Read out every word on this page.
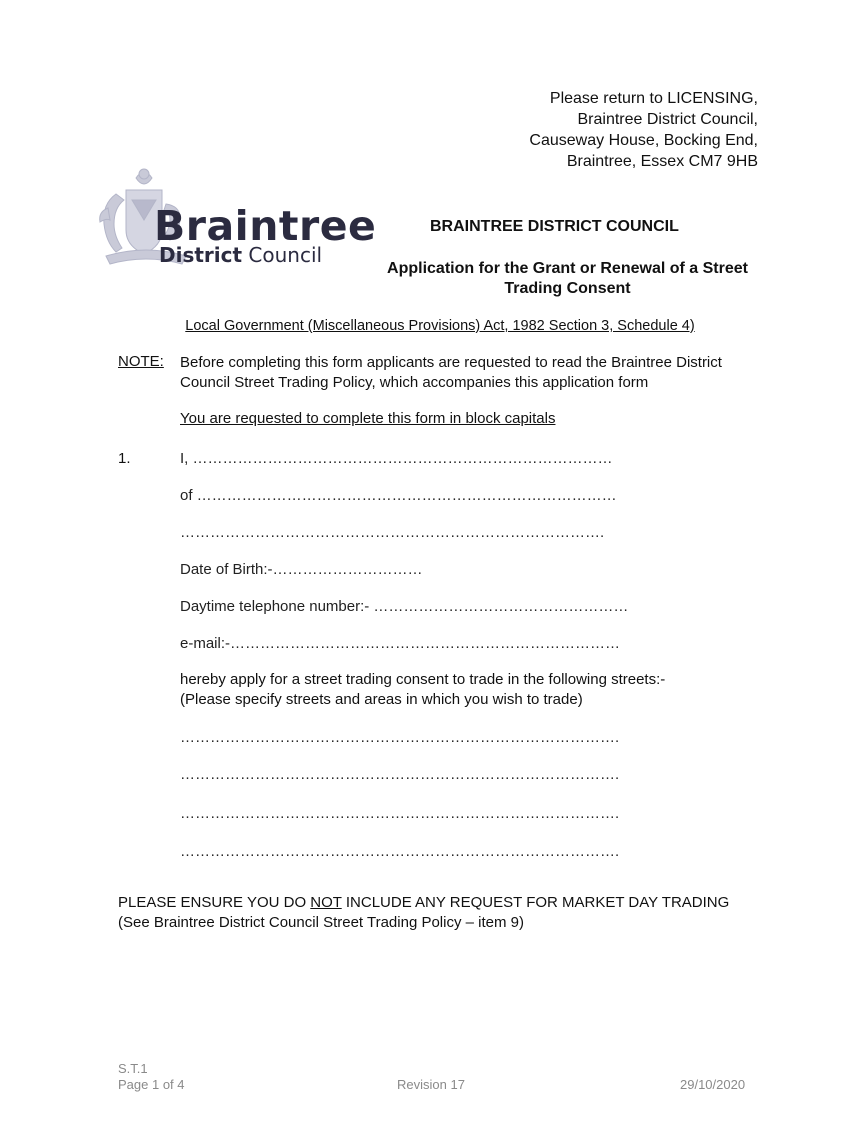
Please return to LICENSING,
Braintree District Council,
Causeway House, Bocking End,
Braintree, Essex CM7 9HB
Braintree
District Council
BRAINTREE DISTRICT COUNCIL
Application for the Grant or Renewal of a Street Trading Consent
Local Government (Miscellaneous Provisions) Act, 1982 Section 3, Schedule 4)
NOTE: Before completing this form applicants are requested to read the Braintree District Council Street Trading Policy, which accompanies this application form
You are requested to complete this form in block capitals
1.	I, …………………………………………………………………………
of …………………………………………………………………………
………………………………………………………………………….
Date of Birth:-…………………………
Daytime telephone number:- ……………………………………………
e-mail:-……………………………………………………………………
hereby apply for a street trading consent to trade in the following streets:-
(Please specify streets and areas in which you wish to trade)
…………………………………………………………………………….
…………………………………………………………………………….
…………………………………………………………………………….
…………………………………………………………………………….
PLEASE ENSURE YOU DO NOT INCLUDE ANY REQUEST FOR MARKET DAY TRADING (See Braintree District Council Street Trading Policy – item 9)
S.T.1
Page 1 of 4	Revision 17	29/10/2020
